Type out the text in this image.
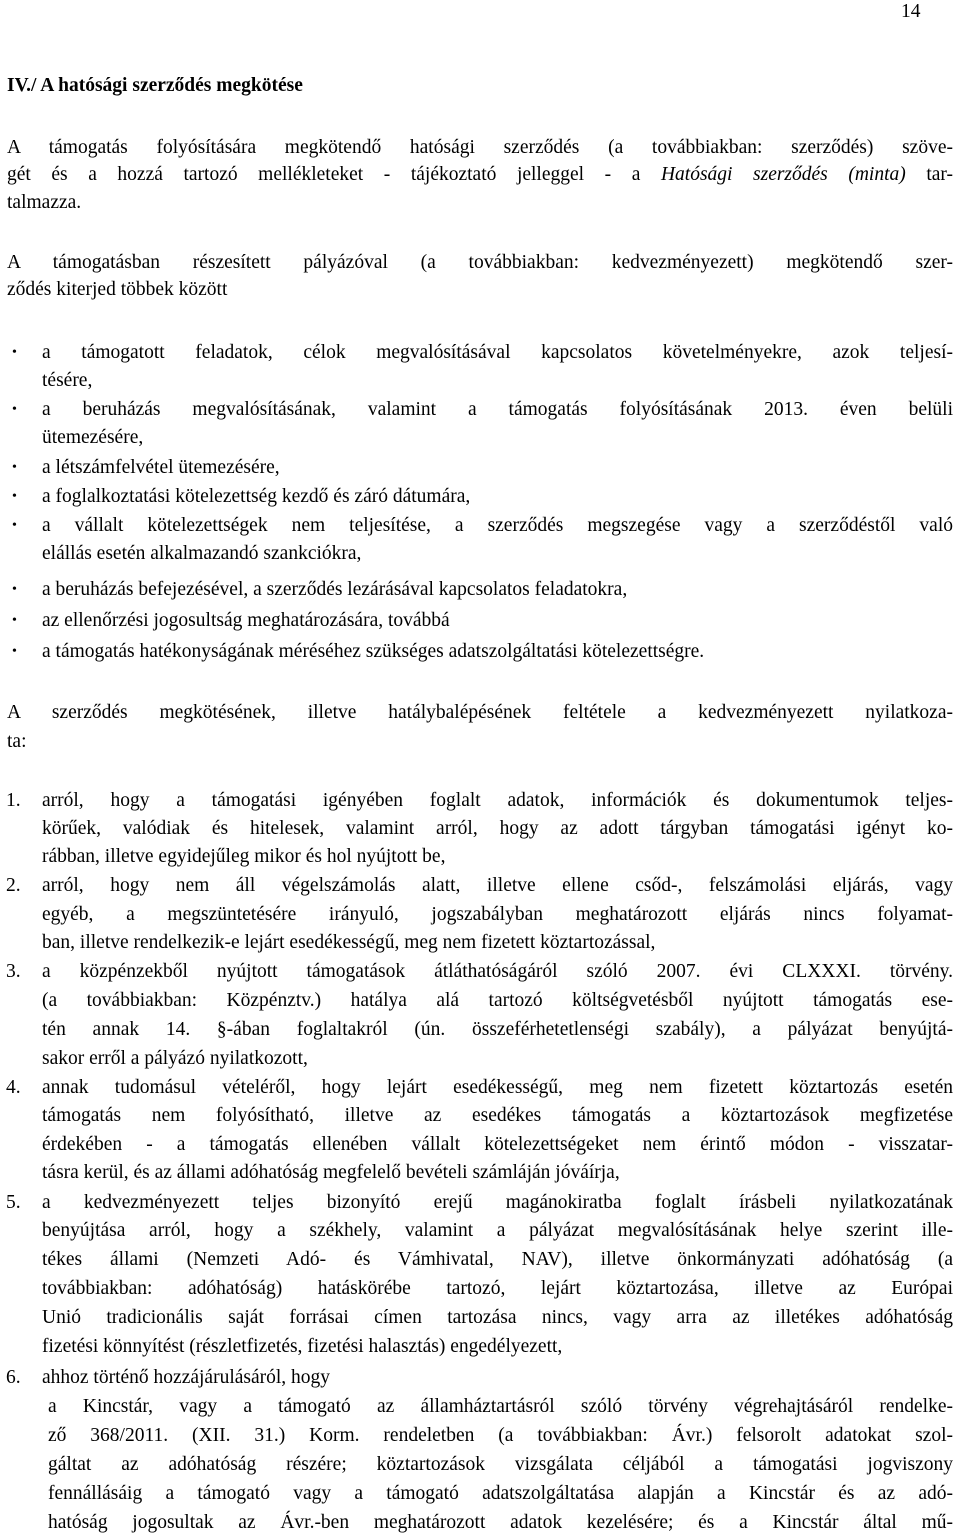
14
IV./ A hatósági szerződés megkötése
A támogatás folyósítására megkötendő hatósági szerződés (a továbbiakban: szerződés) szöve-
gét és a hozzá tartozó mellékleteket - tájékoztató jelleggel - a Hatósági szerződés (minta) tar-
talmazza.
A támogatásban részesített pályázóval (a továbbiakban: kedvezményezett) megkötendő szer-
ződés kiterjed többek között
• a támogatott feladatok, célok megvalósításával kapcsolatos követelményekre, azok teljesí-
tésére,
• a beruházás megvalósításának, valamint a támogatás folyósításának 2013. éven belüli
ütemezésére,
• a létszámfelvétel ütemezésére,
• a foglalkoztatási kötelezettség kezdő és záró dátumára,
• a vállalt kötelezettségek nem teljesítése, a szerződés megszegése vagy a szerződéstől való
elállás esetén alkalmazandó szankciókra,
• a beruházás befejezésével, a szerződés lezárásával kapcsolatos feladatokra,
• az ellenőrzési jogosultság meghatározására, továbbá
• a támogatás hatékonyságának méréséhez szükséges adatszolgáltatási kötelezettségre.
A szerződés megkötésének, illetve hatálybalépésének feltétele a kedvezményezett nyilatkoza-
ta:
1. arról, hogy a támogatási igényében foglalt adatok, információk és dokumentumok teljes-
körűek, valódiak és hitelesek, valamint arról, hogy az adott tárgyban támogatási igényt ko-
rábban, illetve egyidejűleg mikor és hol nyújtott be,
2. arról, hogy nem áll végelszámolás alatt, illetve ellene csőd-, felszámolási eljárás, vagy
egyéb, a megszüntetésére irányuló, jogszabályban meghatározott eljárás nincs folyamat-
ban, illetve rendelkezik-e lejárt esedékességű, meg nem fizetett köztartozással,
3. a közpénzekből nyújtott támogatások átláthatóságáról szóló 2007. évi CLXXXI. törvény.
(a továbbiakban: Közpénztv.) hatálya alá tartozó költségvetésből nyújtott támogatás ese-
tén annak 14. §-ában foglaltakról (ún. összeférhetetlenségi szabály), a pályázat benyújtá-
sakor erről a pályázó nyilatkozott,
4. annak tudomásul vételéről, hogy lejárt esedékességű, meg nem fizetett köztartozás esetén
támogatás nem folyósítható, illetve az esedékes támogatás a köztartozások megfizetése
érdekében - a támogatás ellenében vállalt kötelezettségeket nem érintő módon - visszatar-
tásra kerül, és az állami adóhatóság megfelelő bevételi számláján jóváírja,
5. a kedvezményezett teljes bizonyító erejű magánokiratba foglalt írásbeli nyilatkozatának
benyújtása arról, hogy a székhely, valamint a pályázat megvalósításának helye szerint ille-
tékes állami (Nemzeti Adó- és Vámhivatal, NAV), illetve önkormányzati adóhatóság (a
továbbiakban: adóhatóság) hatáskörébe tartozó, lejárt köztartozása, illetve az Európai
Unió tradicionális saját forrásai címen tartozása nincs, vagy arra az illetékes adóhatóság
fizetési könnyítést (részletfizetés, fizetési halasztás) engedélyezett,
6. ahhoz történő hozzájárulásáról, hogy
a Kincstár, vagy a támogató az államháztartásról szóló törvény végrehajtásáról rendelke-
ző 368/2011. (XII. 31.) Korm. rendeletben (a továbbiakban: Ávr.) felsorolt adatokat szol-
gáltat az adóhatóság részére; köztartozások vizsgálata céljából a támogatási jogviszony
fennállásáig a támogató vagy a támogató adatszolgáltatása alapján a Kincstár és az adó-
hatóság jogosultak az Ávr.-ben meghatározott adatok kezelésére; és a Kincstár által mű-
